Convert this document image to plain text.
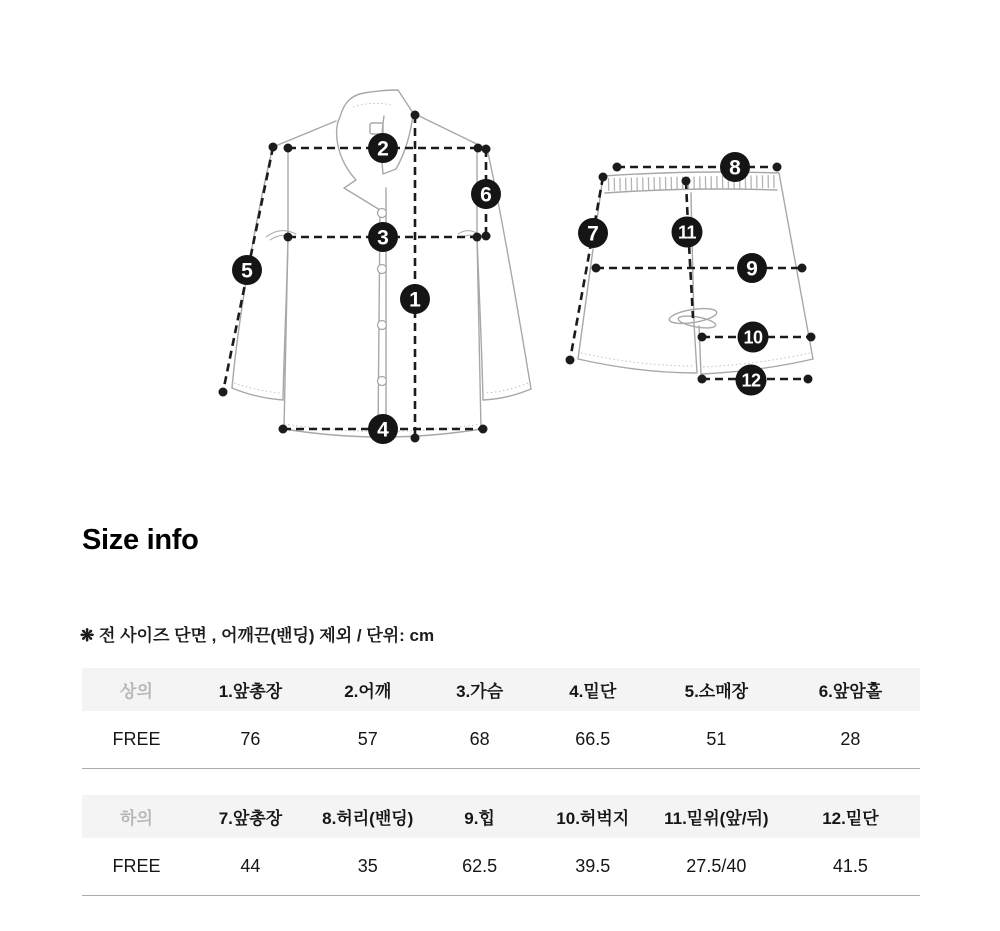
1
2
3
4
5
6
7
8
9
10
11
12
Size info

❋ 전 사이즈 단면 , 어깨끈(밴딩) 제외 / 단위: cm

상의	1.앞총장	2.어깨	3.가슴	4.밑단	5.소매장	6.앞암홀
FREE	76	57	68	66.5	51	28
하의	7.앞총장	8.허리(밴딩)	9.힙	10.허벅지	11.밑위(앞/뒤)	12.밑단
FREE	44	35	62.5	39.5	27.5/40	41.5
